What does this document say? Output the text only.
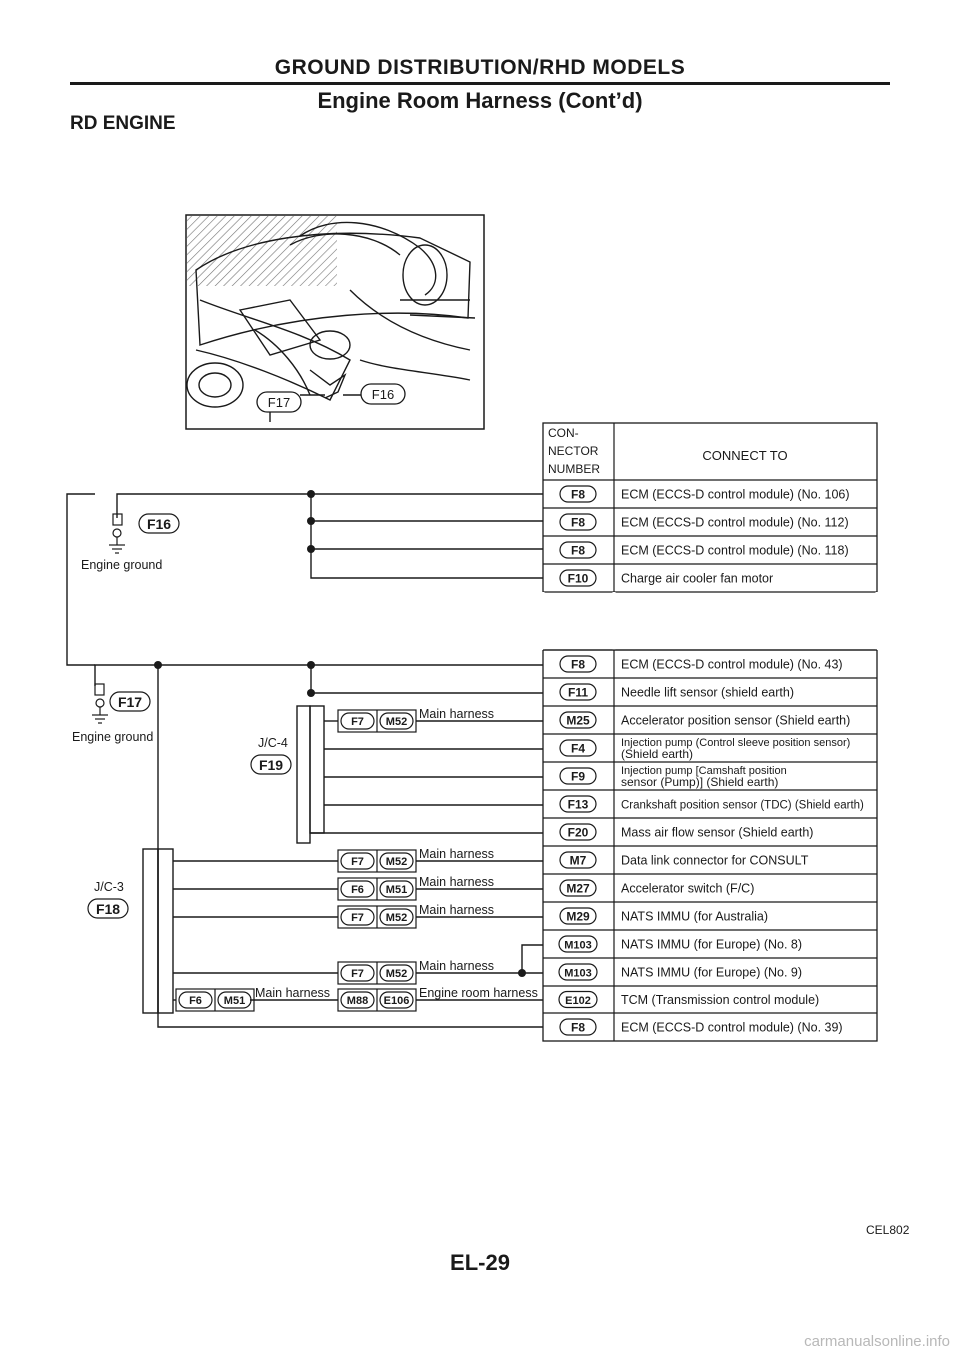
GROUND DISTRIBUTION/RHD MODELS
Engine Room Harness (Cont’d)
RD ENGINE
F17
F16
CON-
NECTOR
NUMBER
CONNECT TO
F8	ECM (ECCS-D control module) (No. 106)
F8	ECM (ECCS-D control module) (No. 112)
F8	ECM (ECCS-D control module) (No. 118)
F10	Charge air cooler fan motor
F8	ECM (ECCS-D control module) (No. 43)
F11	Needle lift sensor (shield earth)
M25	Accelerator position sensor (Shield earth)
F4	Injection pump (Control sleeve position sensor)
(Shield earth)
F9	Injection pump [Camshaft position
sensor (Pump)] (Shield earth)
F13	Crankshaft position sensor (TDC) (Shield earth)
F20	Mass air flow sensor (Shield earth)
M7	Data link connector for CONSULT
M27	Accelerator switch (F/C)
M29	NATS IMMU (for Australia)
M103 NATS IMMU (for Europe) (No. 8)
M103 NATS IMMU (for Europe) (No. 9)
E102 TCM (Transmission control module)
F8	ECM (ECCS-D control module) (No. 39)
F16
Engine ground
F17
Engine ground	J/C-4
F19
J/C-3
F18
F7 M52
Main harness
F7 M52
Main harness
F6 M51
Main harness
F7 M52
Main harness
F7 M52
Main harness
F6 M51
Main harness
M88 E106
Engine room harness
CEL802
EL-29
carmanualsonline.info
